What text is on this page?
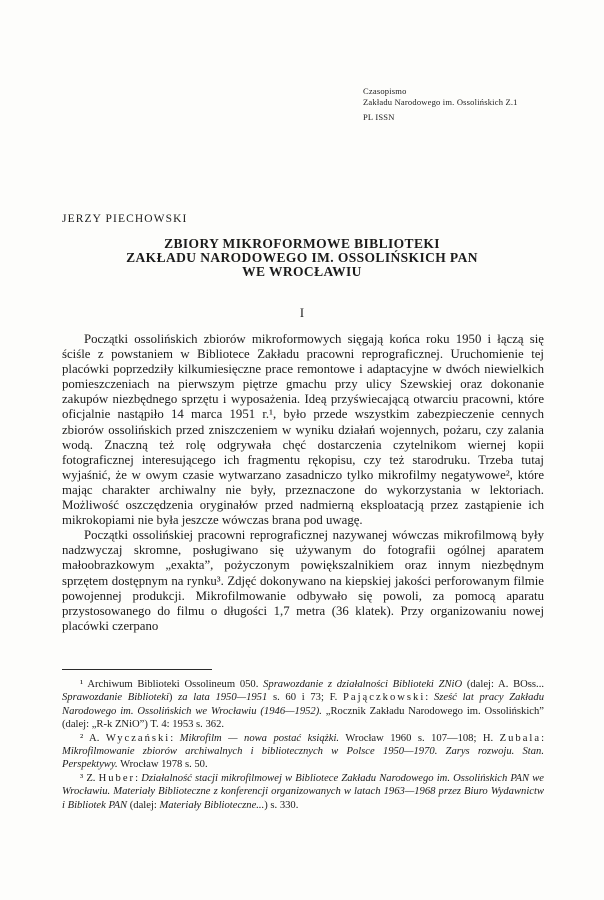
Czasopismo
Zakładu Narodowego im. Ossolińskich Z.1
PL ISSN
JERZY PIECHOWSKI
ZBIORY MIKROFORMOWE BIBLIOTEKI
ZAKŁADU NARODOWEGO IM. OSSOLIŃSKICH PAN
WE WROCŁAWIU
I

Początki ossolińskich zbiorów mikroformowych sięgają końca roku 1950 i łączą się ściśle z powstaniem w Bibliotece Zakładu pracowni reprograficznej. Uruchomienie tej placówki poprzedziły kilkumiesięczne prace remontowe i adaptacyjne w dwóch niewielkich pomieszczeniach na pierwszym piętrze gmachu przy ulicy Szewskiej oraz dokonanie zakupów niezbędnego sprzętu i wyposażenia. Ideą przyświecającą otwarciu pracowni, które oficjalnie nastąpiło 14 marca 1951 r.¹, było przede wszystkim zabezpieczenie cennych zbiorów ossolińskich przed zniszczeniem w wyniku działań wojennych, pożaru, czy zalania wodą. Znaczną też rolę odgrywała chęć dostarczenia czytelnikom wiernej kopii fotograficznej interesującego ich fragmentu rękopisu, czy też starodruku. Trzeba tutaj wyjaśnić, że w owym czasie wytwarzano zasadniczo tylko mikrofilmy negatywowe², które mając charakter archiwalny nie były, przeznaczone do wykorzystania w lektoriach. Możliwość oszczędzenia oryginałów przed nadmierną eksploatacją przez zastąpienie ich mikrokopiami nie była jeszcze wówczas brana pod uwagę.

Początki ossolińskiej pracowni reprograficznej nazywanej wówczas mikrofilmową były nadzwyczaj skromne, posługiwano się używanym do fotografii ogólnej aparatem małoobrazkowym „exakta”, pożyczonym powiększalnikiem oraz innym niezbędnym sprzętem dostępnym na rynku³. Zdjęć dokonywano na kiepskiej jakości perforowanym filmie powojennej produkcji. Mikrofilmowanie odbywało się powoli, za pomocą aparatu przystosowanego do filmu o długości 1,7 metra (36 klatek). Przy organizowaniu nowej placówki czerpano

¹ Archiwum Biblioteki Ossolineum 050. Sprawozdanie z działalności Biblioteki ZNiO (dalej: A. BOss... Sprawozdanie Biblioteki) za lata 1950—1951 s. 60 i 73; F. Pajączkowski: Sześć lat pracy Zakładu Narodowego im. Ossolińskich we Wrocławiu (1946—1952). „Rocznik Zakładu Narodowego im. Ossolińskich” (dalej: „R-k ZNiO”) T. 4: 1953 s. 362.

² A. Wyczański: Mikrofilm — nowa postać książki. Wrocław 1960 s. 107—108; H. Zubala: Mikrofilmowanie zbiorów archiwalnych i bibliotecznych w Polsce 1950—1970. Zarys rozwoju. Stan. Perspektywy. Wrocław 1978 s. 50.

³ Z. Huber: Działalność stacji mikrofilmowej w Bibliotece Zakładu Narodowego im. Ossolińskich PAN we Wrocławiu. Materiały Biblioteczne z konferencji organizowanych w latach 1963—1968 przez Biuro Wydawnictw i Bibliotek PAN (dalej: Materiały Biblioteczne...) s. 330.
